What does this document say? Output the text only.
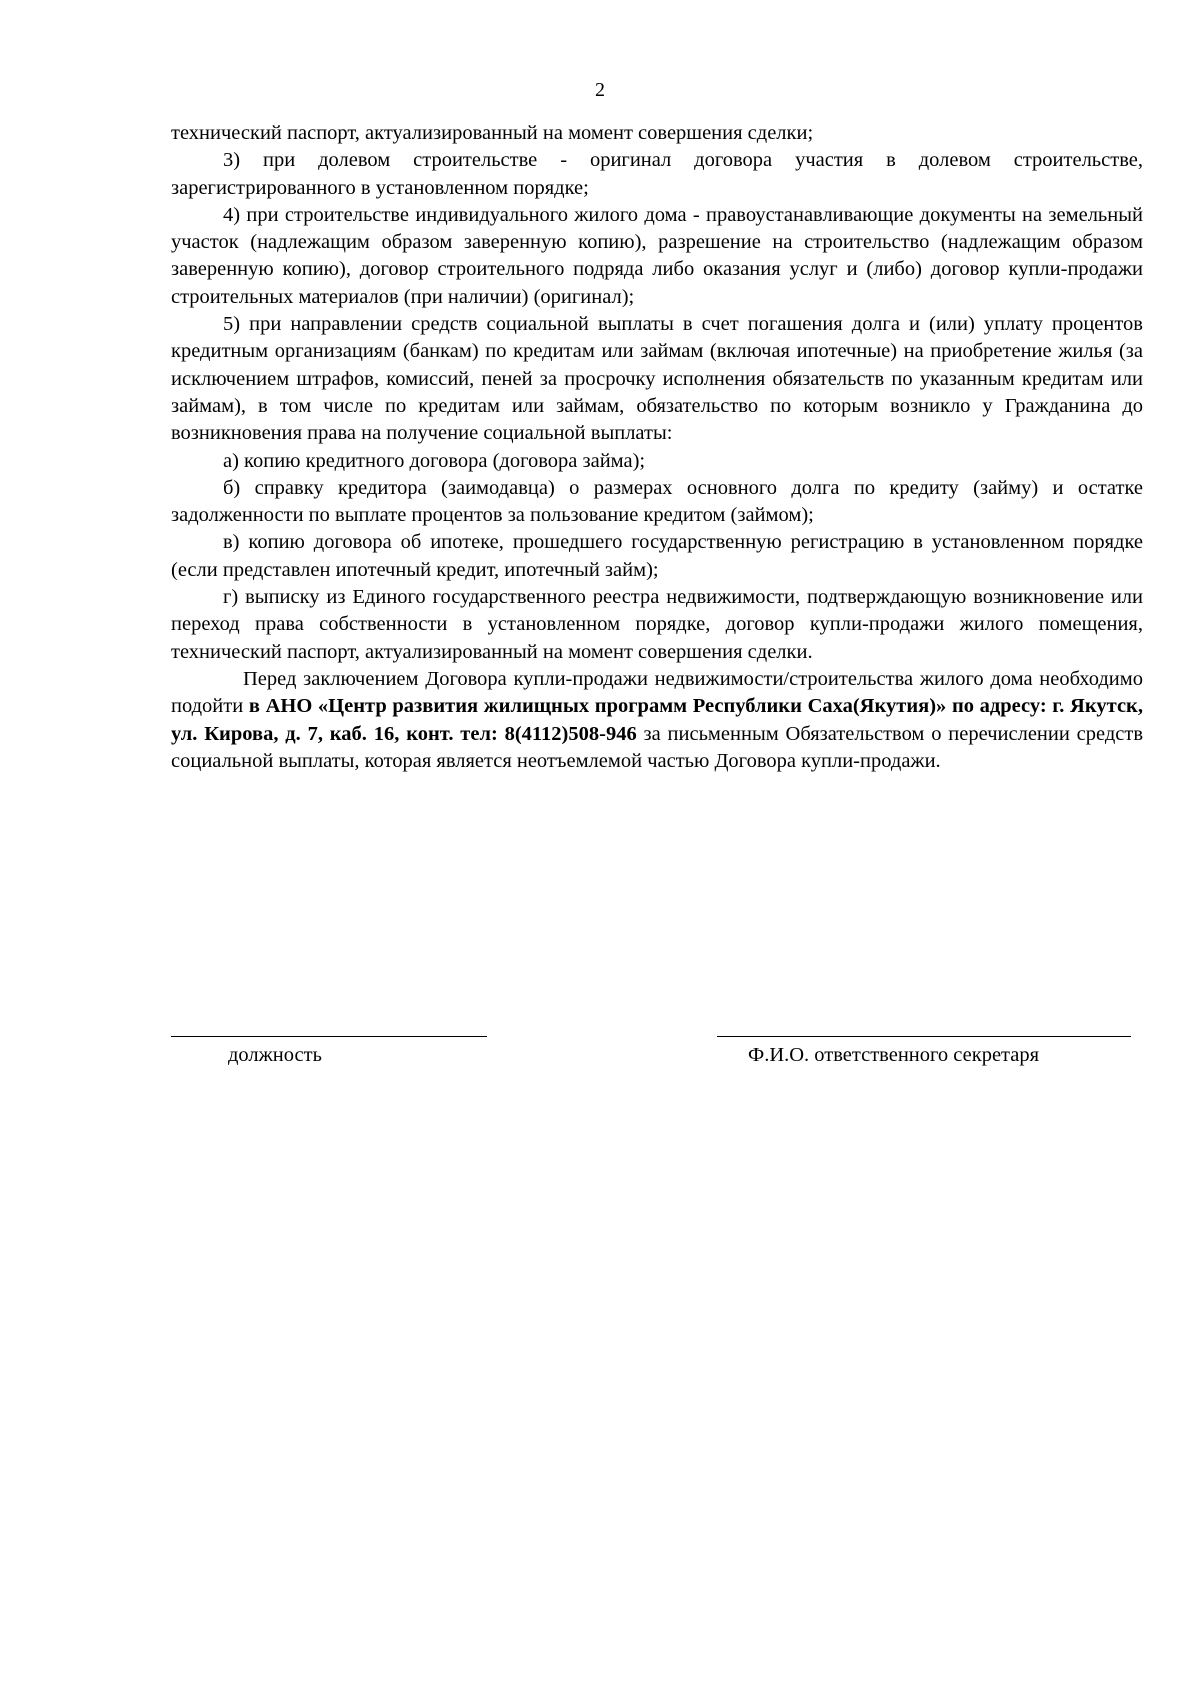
2

технический паспорт, актуализированный на момент совершения сделки;

3) при долевом строительстве - оригинал договора участия в долевом строительстве, зарегистрированного в установленном порядке;

4) при строительстве индивидуального жилого дома - правоустанавливающие документы на земельный участок (надлежащим образом заверенную копию), разрешение на строительство (надлежащим образом заверенную копию), договор строительного подряда либо оказания услуг и (либо) договор купли-продажи строительных материалов (при наличии) (оригинал);

5) при направлении средств социальной выплаты в счет погашения долга и (или) уплату процентов кредитным организациям (банкам) по кредитам или займам (включая ипотечные) на приобретение жилья (за исключением штрафов, комиссий, пеней за просрочку исполнения обязательств по указанным кредитам или займам), в том числе по кредитам или займам, обязательство по которым возникло у Гражданина до возникновения права на получение социальной выплаты:

а) копию кредитного договора (договора займа);

б) справку кредитора (заимодавца) о размерах основного долга по кредиту (займу) и остатке задолженности по выплате процентов за пользование кредитом (займом);

в) копию договора об ипотеке, прошедшего государственную регистрацию в установленном порядке (если представлен ипотечный кредит, ипотечный займ);

г) выписку из Единого государственного реестра недвижимости, подтверждающую возникновение или переход права собственности в установленном порядке, договор купли-продажи жилого помещения, технический паспорт, актуализированный на момент совершения сделки.

Перед заключением Договора купли-продажи недвижимости/строительства жилого дома необходимо подойти в АНО «Центр развития жилищных программ Республики Саха(Якутия)» по адресу: г. Якутск, ул. Кирова, д. 7, каб. 16, конт. тел: 8(4112)508-946 за письменным Обязательством о перечислении средств социальной выплаты, которая является неотъемлемой частью Договора купли-продажи.

должность	Ф.И.О. ответственного секретаря
